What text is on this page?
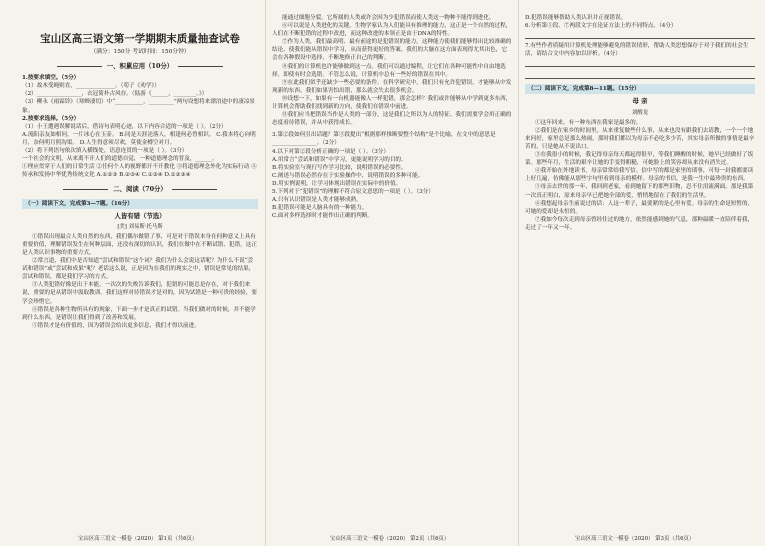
宝山区高三语文第一学期期末质量抽查试卷
（满分：150分 考试时间：150分钟）
一、积累应用（10分）
1.按要求填空。（5分）
（1）故木受绳则直，______________。（荀子《劝学》）
（2）________________，衣冠简朴古风存。（陆游《______，________。》）
（3）柳永《雨霖铃》（寒蝉凄切）中“__________，_________”两句设想将来漂泊途中的凄凉景象。
2.按要求选择。（5分）
（1）小王遭遇误解说话后，借诗句表明心迹，以下内容合适的一项是（ ）。（2分）
A.流阳亲友如相问，一片冰心在玉壶。 B.同是天涯沦落人，相逢何必曾相识。 C.我本将心向明月，奈何明月照沟渠。 D.人生得意须尽欢，莫使金樽空对月。
（2）将下列语句依次填入横线处，语意连贯的一项是（ ）。（3分）
一个社会的文明，从来离不开人们的道德自觉，一种道德理念的普及，______。
①理应贯穿于人们的日常生活 ②任何个人的视野都开不开教化 ③将道德理念外化为实际行动 ④传承和发扬中华优秀传统文化 A.①②③ B.②③④ C.①③④ D.①②③④
二、阅读（70分）
（一）阅读下文，完成第3—7题。（16分）
人皆有错（节选）
[美] 刘易斯·托马斯

①错误出现最合人类自然的东西，我们偶尔做错了事，可是对于错误本身在何种意义上具有重要价值，理解错误发生在何种层面，还没有深切的认识，我们在做中在不断试错、犯错，这正是人类认识事物的重要方式。

②常言道，我们中是否知道“尝试和错误”这个词？我们为什么会说这话呢？为什么不说“尝试和错误”或“尝试和成果”呢？老话这么说，正是因为在我们的现实之中，错误是常见的结果，尝试和错误，都是我们学习的方式。

③人类犯错好像是出于本能，一次次的失败告诉我们，犯错的可能总是存在，对于我们来说，重要的是从错误中汲取教训。我们这样对待错误才是对的，因为试错是一种可贵的经验，要学会珍惜它。

④错误是各种生物所具有的现象，下面一步才是真正的试错。当我们做对的时候，并不能学到什么东西，是错误让我们得到了改善和发展。

⑤错误才是有价值的，因为错误会给出更多信息，我们才得以前进。

能通过细胞分裂，它所属的人类或许会因为少犯错误而使人类这一物种不能得到进化。

⑥可以说是人类进化的关键，生物学家认为人们能具有推理的能力，这正是一个自然的过程，人们在不断犯错的过程中改进，而这种改进的本领正是由于DNA的特性。

⑦作为人类，我们最高明、最有前途的是犯错误的能力。这种能力使我们能够得出比较准确的结论，使我们能从错误中学习，从而获得更好的答案。我们的大脑在这方面表现得尤其出色，它会在各种假设中选择，不断地修正自己的判断。

⑧我们的计算机也许能够做到这一点。我们可以通过编程，让它们在各种可能性中自由地选择，即使有时会选错。不管怎么说，计算机中总有一些好的错误在其中。

⑨在此我们似乎还缺少一些必要的条件。在科学研究中，我们只有允许犯错误，才能够从中发现新的东西。我们如果害怕出错，那么就会失去很多机会。

⑩设想一下，如果有一台机器能像人一样犯错，那会怎样？我们或许能够从中学到更多东西，计算机会帮助我们找到新的方向，使我们在错误中前进。

⑪我们应当把错误当作是人类的一部分，这是我们之所以为人的特征。我们需要学会用正确的态度看待错误，并从中获得成长。

3.第②段如何引出话题？第③段提出“根据那样推断要整个结构”是个比喻，在文中的意思是________________。（2分）
4.以下对第②段分析正确的一项是（ ）。（3分）
A.用常言“尝试和错误”中学习，更能说明学习的目的。
B.将实验室与现行写作学习比较，说明错误的必要性。
C.阐述与错误必然存在于实验操作中，说明错误的多种可能。
D.用实例说明，让学习体现出错误在实际中的价值。
5.下列对于“犯错误”的理解不符合原文意思的一项是（ ）。（3分）
A.只有认识错误是人类才能够成熟。
B.犯错误可能是人脑具有的一种能力。
C.面对多样选择时才能作出正确的判断。
D.犯错误能够帮助人类认识并正视错误。
6.分析第⑤段、⑦两段文字在论证方法上的不同特点。（4分）
7.有些作者质疑用计算机处理能够避免的错误情形，帮助人类思想保存于对于我们的社会生活，请结合文中内容加以评析。（4分）
（二）阅读下文，完成第8—11题。（15分）
母 亲
刘醒龙

①这年回来，有一种东西在我家是最多的。

②我们是在家乡的时间里，从来重复做些什么事，从来也没有跟我们去请教，一个一个地来问好，家里总是那么热闹。那时我们都以为母亲不必吃多少苦，其实母亲所做的事情是最辛苦的，只是她从不说出口。

③在我很小的时候，我记得母亲每天都起得很早，等我们睡醒的时候，她早已经做好了饭菜。那些年月，生活的艰辛让她的手变得粗糙，可她脸上的笑容却从来没有消失过。

④我开始在外地读书，母亲常常给我写信。信中写的都是家里的琐事，可每一封我都要读上好几遍，仿佛能从那些字句里看到母亲的模样。母亲的书信，是我一生中最珍贵的东西。

⑤母亲去世的那一年，我回到老家，看到她留下的那些旧物，忍不住泪流满面。那是我第一次真正明白，原来母亲早已把她全部的爱，悄悄地留在了我们的生活里。

⑥我想起母亲生前说过的话：人这一辈子，最要紧的是心里有爱。母亲的生命是短暂的，可她的爱却是永恒的。

⑦我如今每次走到母亲曾经住过的地方，依然能感到她的气息，那种温暖一直陪伴着我，走过了一年又一年。

宝山区高三语文一模卷（2020） 第1页（共6页）	宝山区高三语文一模卷（2020） 第2页（共6页）	宝山区高三语文一模卷（2020） 第3页（共6页）
